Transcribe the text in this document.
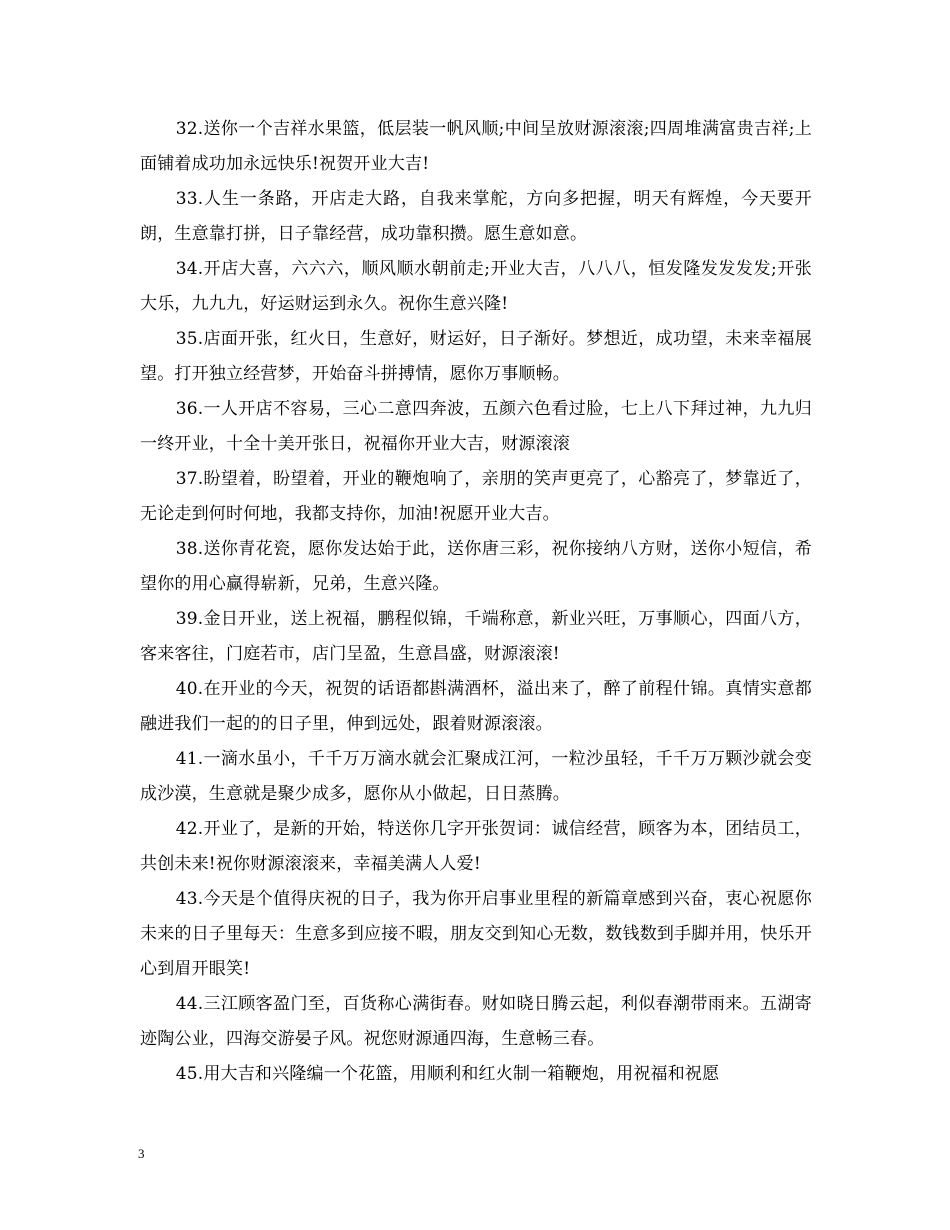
32.送你一个吉祥水果篮，低层装一帆风顺;中间呈放财源滚滚;四周堆满富贵吉祥;上面铺着成功加永远快乐!祝贺开业大吉!

33.人生一条路，开店走大路，自我来掌舵，方向多把握，明天有辉煌，今天要开朗，生意靠打拼，日子靠经营，成功靠积攒。愿生意如意。

34.开店大喜，六六六，顺风顺水朝前走;开业大吉，八八八，恒发隆发发发发;开张大乐，九九九，好运财运到永久。祝你生意兴隆!

35.店面开张，红火日，生意好，财运好，日子渐好。梦想近，成功望，未来幸福展望。打开独立经营梦，开始奋斗拼搏情，愿你万事顺畅。

36.一人开店不容易，三心二意四奔波，五颜六色看过脸，七上八下拜过神，九九归一终开业，十全十美开张日，祝福你开业大吉，财源滚滚

37.盼望着，盼望着，开业的鞭炮响了，亲朋的笑声更亮了，心豁亮了，梦靠近了，无论走到何时何地，我都支持你，加油!祝愿开业大吉。

38.送你青花瓷，愿你发达始于此，送你唐三彩，祝你接纳八方财，送你小短信，希望你的用心赢得崭新，兄弟，生意兴隆。

39.金日开业，送上祝福，鹏程似锦，千端称意，新业兴旺，万事顺心，四面八方，客来客往，门庭若市，店门呈盈，生意昌盛，财源滚滚!

40.在开业的今天，祝贺的话语都斟满酒杯，溢出来了，醉了前程什锦。真情实意都融进我们一起的的日子里，伸到远处，跟着财源滚滚。

41.一滴水虽小，千千万万滴水就会汇聚成江河，一粒沙虽轻，千千万万颗沙就会变成沙漠，生意就是聚少成多，愿你从小做起，日日蒸腾。

42.开业了，是新的开始，特送你几字开张贺词：诚信经营，顾客为本，团结员工，共创未来!祝你财源滚滚来，幸福美满人人爱!

43.今天是个值得庆祝的日子，我为你开启事业里程的新篇章感到兴奋，衷心祝愿你未来的日子里每天：生意多到应接不暇，朋友交到知心无数，数钱数到手脚并用，快乐开心到眉开眼笑!

44.三江顾客盈门至，百货称心满街春。财如晓日腾云起，利似春潮带雨来。五湖寄迹陶公业，四海交游晏子风。祝您财源通四海，生意畅三春。

45.用大吉和兴隆编一个花篮，用顺利和红火制一箱鞭炮，用祝福和祝愿

3
